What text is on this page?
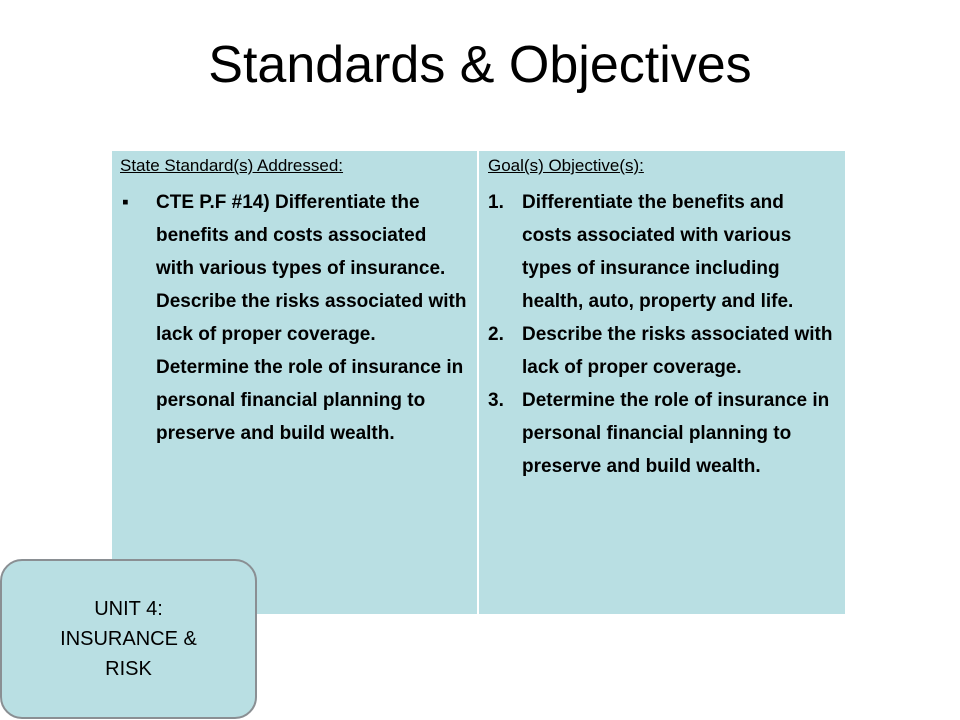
Standards & Objectives
State Standard(s) Addressed:
▪	CTE P.F #14) Differentiate the benefits and costs associated with various types of insurance. Describe the risks associated with lack of proper coverage. Determine the role of insurance in personal financial planning to preserve and build wealth.
Goal(s) Objective(s):
1. Differentiate the benefits and costs associated with various types of insurance including health, auto, property and life.
2. Describe the risks associated with lack of proper coverage.
3. Determine the role of insurance in personal financial planning to preserve and build wealth.
UNIT 4: INSURANCE & RISK
